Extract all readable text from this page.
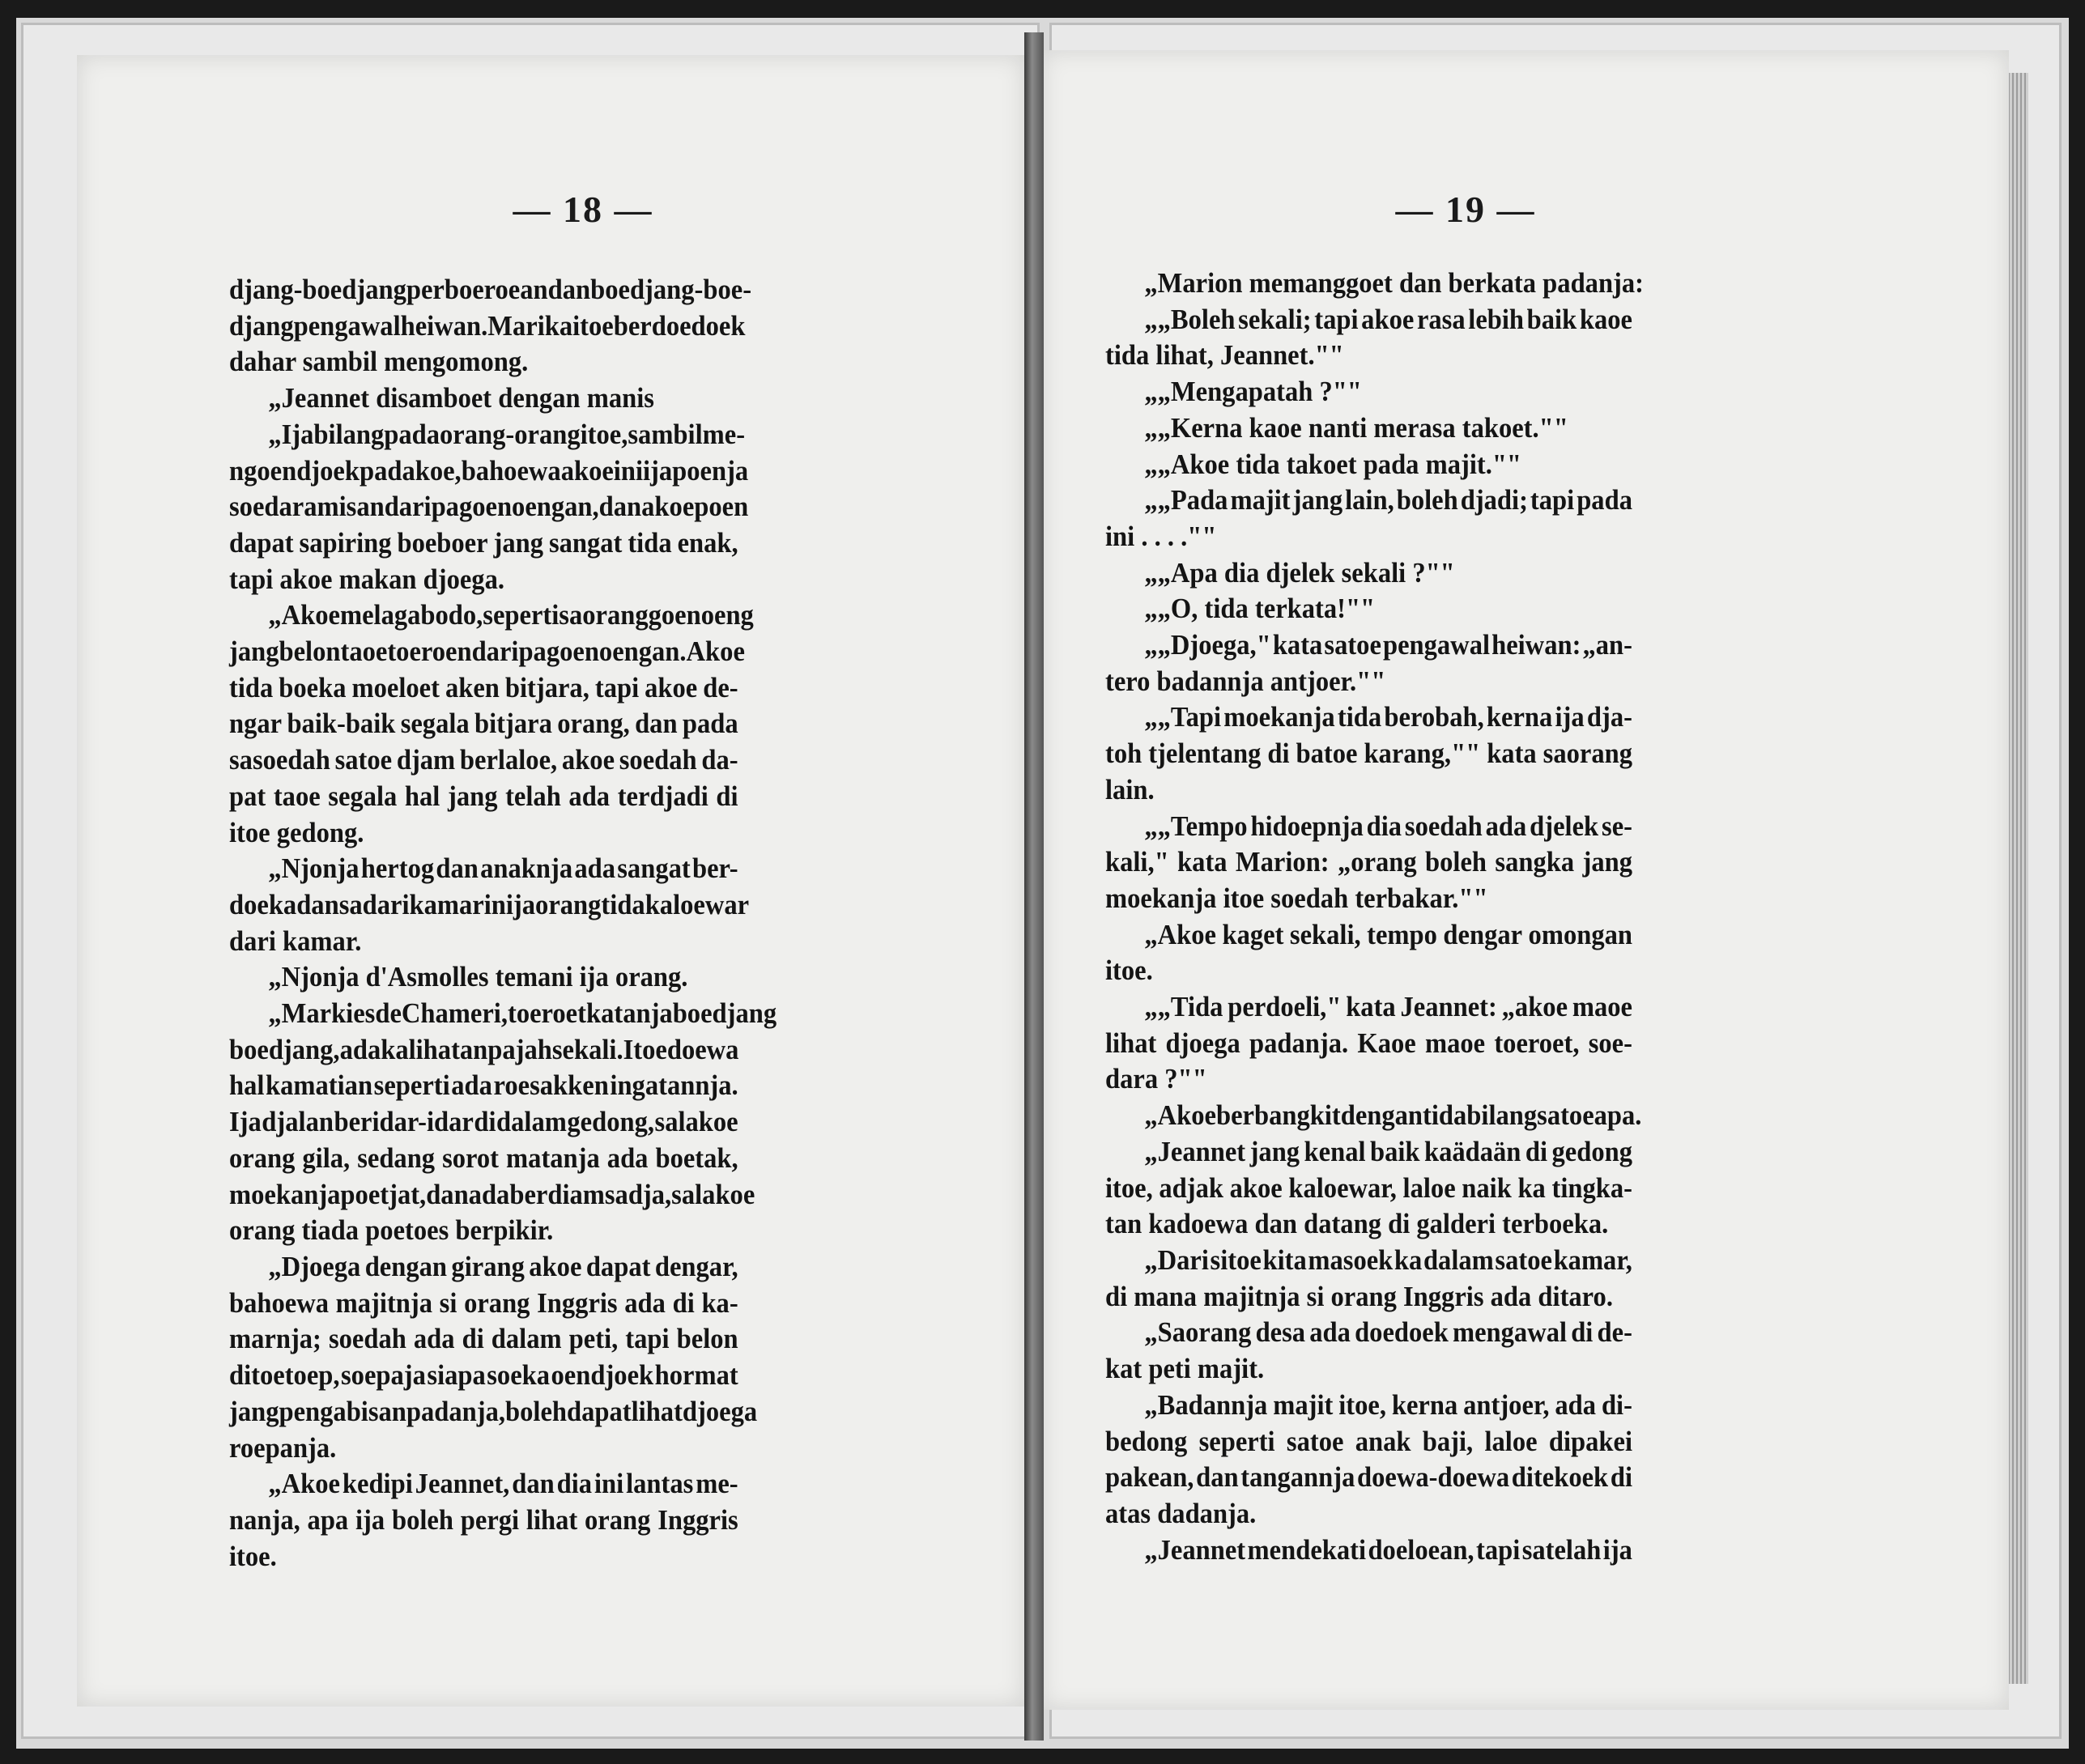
— 18 —	— 19 —
djang-boedjang perboeroean dan boedjang-boe-
djang pengawal heiwan. Marika itoe berdoedoek
dahar sambil mengomong.
„Jeannet disamboet dengan manis
„Ija bilang pada orang-orang itoe, sambil me-
ngoendjoek padakoe, bahoewa akoe ini ija poenja
soedara misan dari pagoenoengan, dan akoe poen
dapat sapiring boeboer jang sangat tida enak,
tapi akoe makan djoega.
„Akoe melaga bodo, seperti saorang goenoeng
jang belon taoe toeroen dari pagoenoengan. Akoe
tida boeka moeloet aken bitjara, tapi akoe de-
ngar baik-baik segala bitjara orang, dan pada
sasoedah satoe djam berlaloe, akoe soedah da-
pat taoe segala hal jang telah ada terdjadi di
itoe gedong.
„Njonja hertog dan anaknja ada sangat ber-
doeka dan sadari kamarin ija orang tida kaloewar
dari kamar.
„Njonja d'Asmolles temani ija orang.
„Markies de Chameri, toeroet katanja boedjang
boedjang, ada kalihatan pajah sekali. Itoe doewa
hal kamatian seperti ada roesakken ingatannja.
Ija djalan beridar-idar di dalam gedong, salakoe
orang gila, sedang sorot matanja ada boetak,
moekanja poetjat, dan ada berdiam sadja, salakoe
orang tiada poetoes berpikir.
„Djoega dengan girang akoe dapat dengar,
bahoewa majitnja si orang Inggris ada di ka-
marnja; soedah ada di dalam peti, tapi belon
ditoetoep, soepaja siapa soeka oendjoek hormat
jang pengabisan padanja, boleh dapat lihat djoega
roepanja.
„Akoe kedipi Jeannet, dan dia ini lantas me-
nanja, apa ija boleh pergi lihat orang Inggris
itoe.
„Marion memanggoet dan berkata padanja:
„„Boleh sekali; tapi akoe rasa lebih baik kaoe
tida lihat, Jeannet.""
„„Mengapatah ?""
„„Kerna kaoe nanti merasa takoet.""
„„Akoe tida takoet pada majit.""
„„Pada majit jang lain, boleh djadi; tapi pada
ini . . . .""
„„Apa dia djelek sekali ?""
„„O, tida terkata!""
„„Djoega," kata satoe pengawal heiwan: „an-
tero badannja antjoer.""
„„Tapi moekanja tida berobah, kerna ija dja-
toh tjelentang di batoe karang,"" kata saorang
lain.
„„Tempo hidoepnja dia soedah ada djelek se-
kali," kata Marion: „orang boleh sangka jang
moekanja itoe soedah terbakar.""
„Akoe kaget sekali, tempo dengar omongan
itoe.
„„Tida perdoeli," kata Jeannet: „akoe maoe
lihat djoega padanja. Kaoe maoe toeroet, soe-
dara ?""
„Akoe berbangkit dengan tida bilang satoe apa.
„Jeannet jang kenal baik kaädaän di gedong
itoe, adjak akoe kaloewar, laloe naik ka tingka-
tan kadoewa dan datang di galderi terboeka.
„Dari sitoe kita masoek ka dalam satoe kamar,
di mana majitnja si orang Inggris ada ditaro.
„Saorang desa ada doedoek mengawal di de-
kat peti majit.
„Badannja majit itoe, kerna antjoer, ada di-
bedong seperti satoe anak baji, laloe dipakei
pakean, dan tangannja doewa-doewa ditekoek di
atas dadanja.
„Jeannet mendekati doeloean, tapi satelah ija
